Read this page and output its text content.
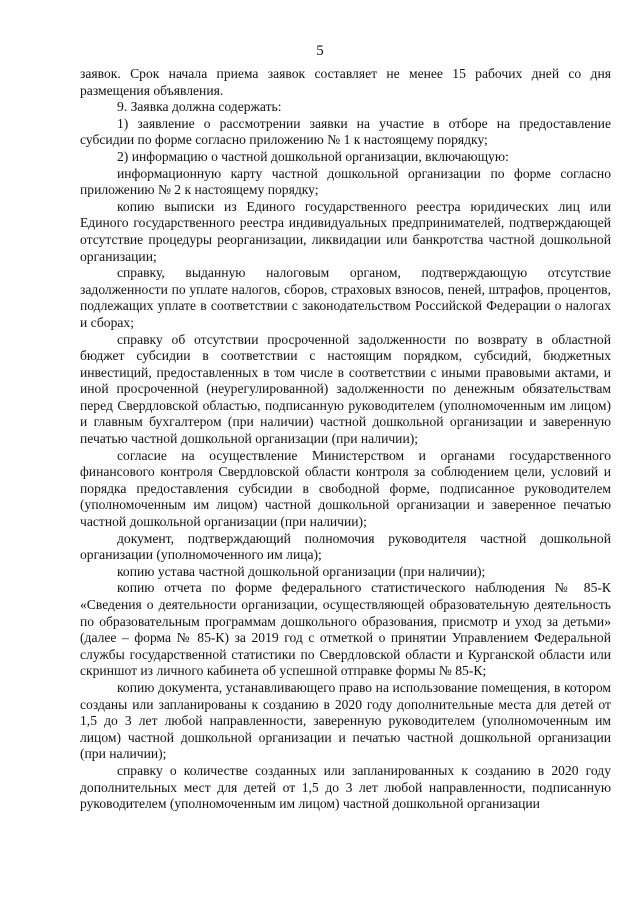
5

заявок. Срок начала приема заявок составляет не менее 15 рабочих дней со дня размещения объявления.

9. Заявка должна содержать:

1) заявление о рассмотрении заявки на участие в отборе на предоставление субсидии по форме согласно приложению № 1 к настоящему порядку;

2) информацию о частной дошкольной организации, включающую:

информационную карту частной дошкольной организации по форме согласно приложению № 2 к настоящему порядку;

копию выписки из Единого государственного реестра юридических лиц или Единого государственного реестра индивидуальных предпринимателей, подтверждающей отсутствие процедуры реорганизации, ликвидации или банкротства частной дошкольной организации;

справку, выданную налоговым органом, подтверждающую отсутствие задолженности по уплате налогов, сборов, страховых взносов, пеней, штрафов, процентов, подлежащих уплате в соответствии с законодательством Российской Федерации о налогах и сборах;

справку об отсутствии просроченной задолженности по возврату в областной бюджет субсидии в соответствии с настоящим порядком, субсидий, бюджетных инвестиций, предоставленных в том числе в соответствии с иными правовыми актами, и иной просроченной (неурегулированной) задолженности по денежным обязательствам перед Свердловской областью, подписанную руководителем (уполномоченным им лицом) и главным бухгалтером (при наличии) частной дошкольной организации и заверенную печатью частной дошкольной организации (при наличии);

согласие на осуществление Министерством и органами государственного финансового контроля Свердловской области контроля за соблюдением цели, условий и порядка предоставления субсидии в свободной форме, подписанное руководителем (уполномоченным им лицом) частной дошкольной организации и заверенное печатью частной дошкольной организации (при наличии);

документ, подтверждающий полномочия руководителя частной дошкольной организации (уполномоченного им лица);

копию устава частной дошкольной организации (при наличии);

копию отчета по форме федерального статистического наблюдения № 85-К «Сведения о деятельности организации, осуществляющей образовательную деятельность по образовательным программам дошкольного образования, присмотр и уход за детьми» (далее – форма № 85-К) за 2019 год с отметкой о принятии Управлением Федеральной службы государственной статистики по Свердловской области и Курганской области или скриншот из личного кабинета об успешной отправке формы № 85-К;

копию документа, устанавливающего право на использование помещения, в котором созданы или запланированы к созданию в 2020 году дополнительные места для детей от 1,5 до 3 лет любой направленности, заверенную руководителем (уполномоченным им лицом) частной дошкольной организации и печатью частной дошкольной организации (при наличии);

справку о количестве созданных или запланированных к созданию в 2020 году дополнительных мест для детей от 1,5 до 3 лет любой направленности, подписанную руководителем (уполномоченным им лицом) частной дошкольной организации
